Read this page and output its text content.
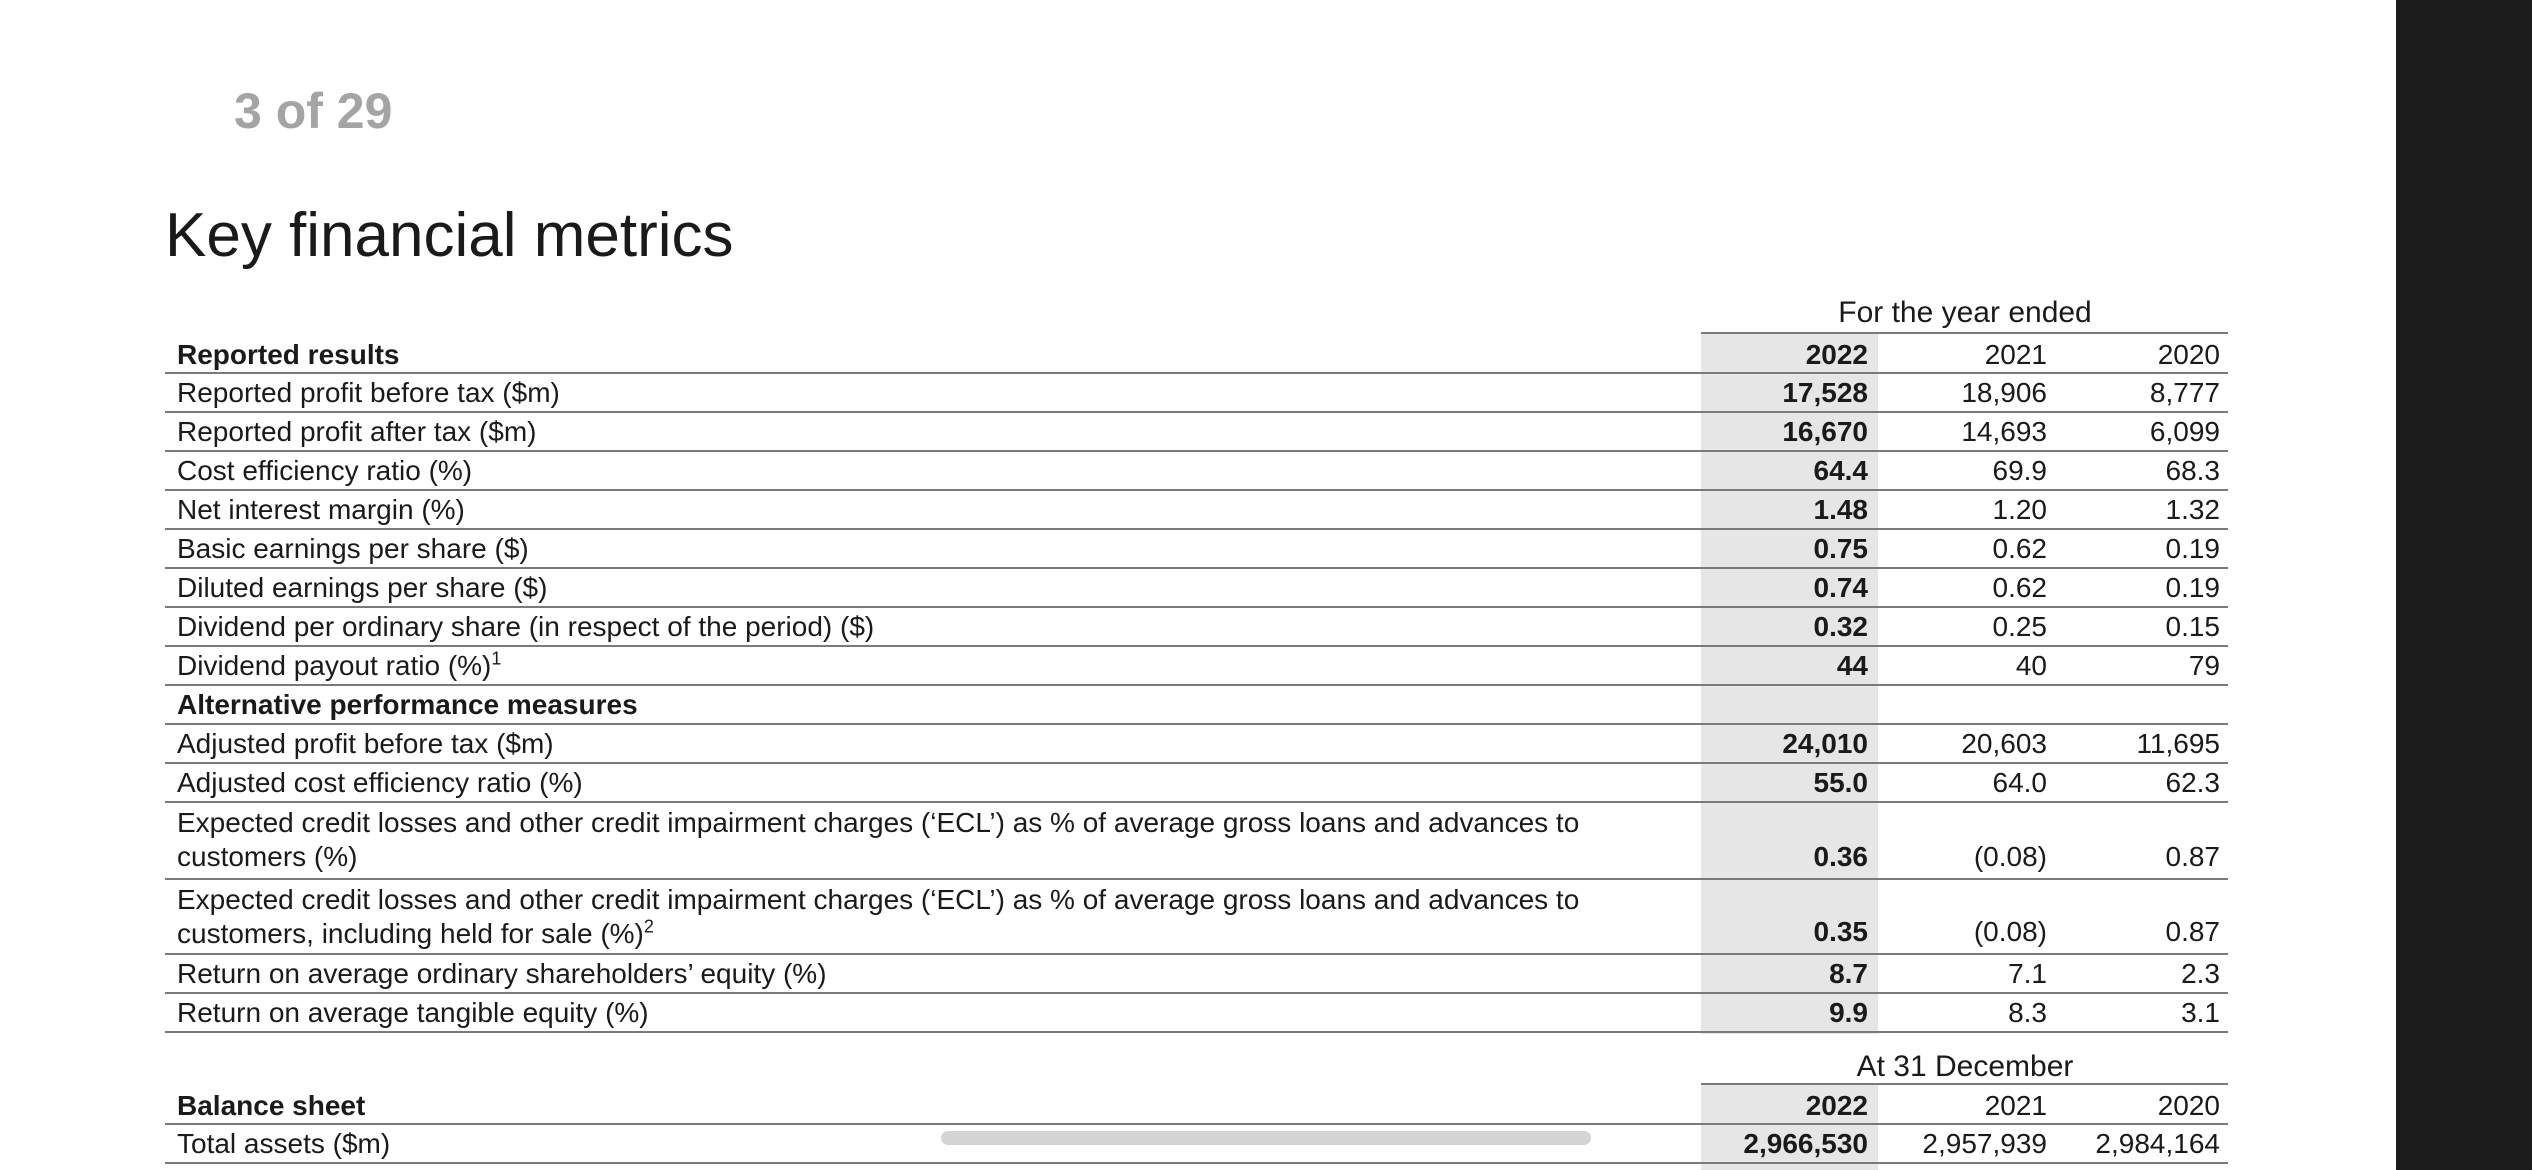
3 of 29
Key financial metrics
For the year ended
Reported results	2022	2021	2020
Reported profit before tax ($m)	17,528	18,906	8,777
Reported profit after tax ($m)	16,670	14,693	6,099
Cost efficiency ratio (%)	64.4	69.9	68.3
Net interest margin (%)	1.48	1.20	1.32
Basic earnings per share ($)	0.75	0.62	0.19
Diluted earnings per share ($)	0.74	0.62	0.19
Dividend per ordinary share (in respect of the period) ($)	0.32	0.25	0.15
Dividend payout ratio (%)$^1$	44	40	79
Alternative performance measures
Adjusted profit before tax ($m)	24,010	20,603	11,695
Adjusted cost efficiency ratio (%)	55.0	64.0	62.3
Expected credit losses and other credit impairment charges (‘ECL’) as % of average gross loans and advances to
customers (%)	0.36	(0.08)	0.87
Expected credit losses and other credit impairment charges (‘ECL’) as % of average gross loans and advances to
customers, including held for sale (%)$^2$	0.35	(0.08)	0.87
Return on average ordinary shareholders’ equity (%)	8.7	7.1	2.3
Return on average tangible equity (%)	9.9	8.3	3.1
At 31 December
Balance sheet	2022	2021	2020
Total assets ($m)	2,966,530	2,957,939	2,984,164
